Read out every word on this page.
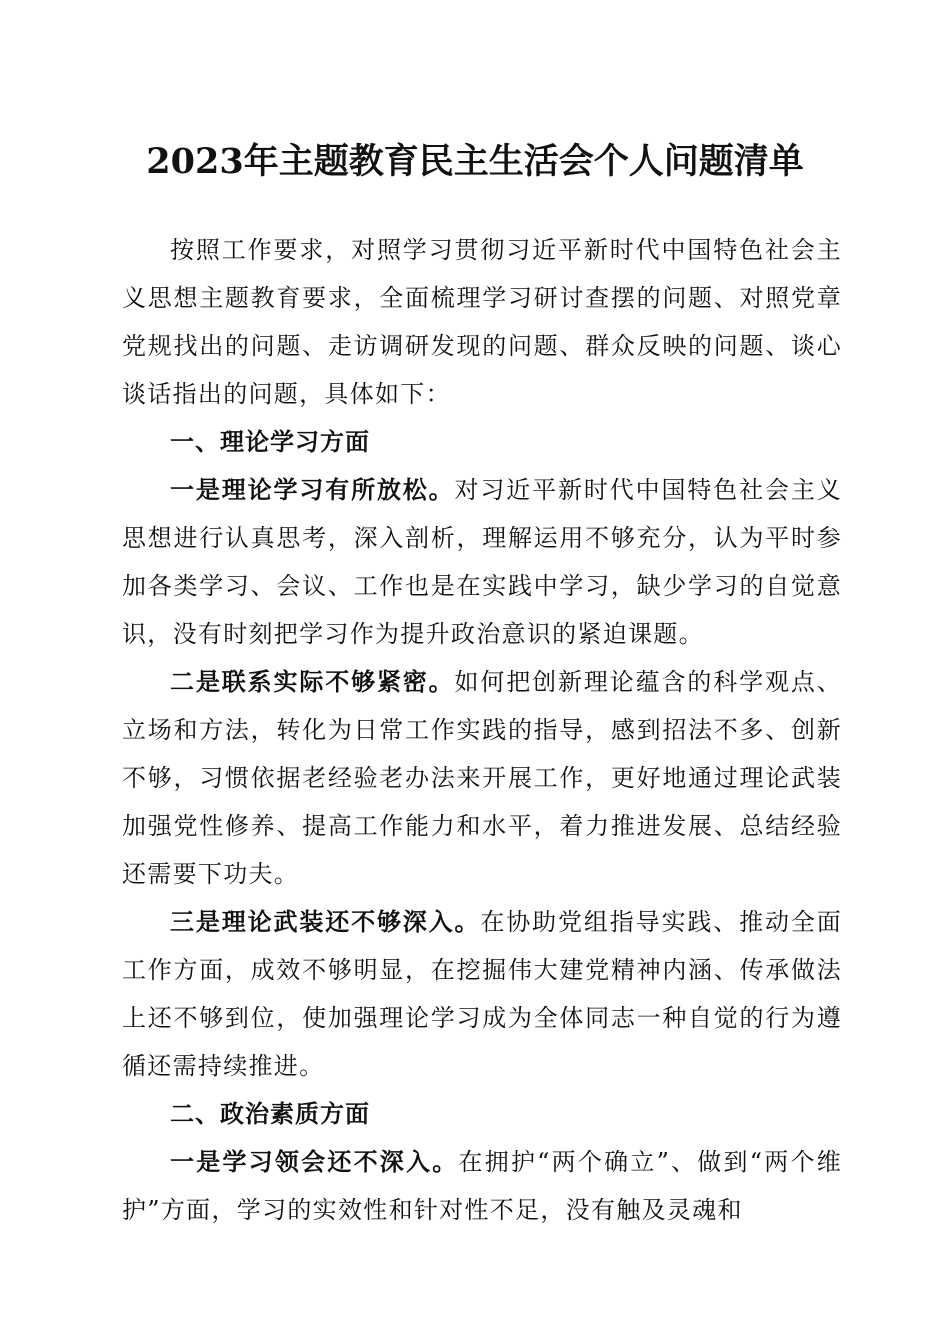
2023年主题教育民主生活会个人问题清单

按照工作要求，对照学习贯彻习近平新时代中国特色社会主义思想主题教育要求，全面梳理学习研讨查摆的问题、对照党章党规找出的问题、走访调研发现的问题、群众反映的问题、谈心谈话指出的问题，具体如下：

一、理论学习方面

一是理论学习有所放松。对习近平新时代中国特色社会主义思想进行认真思考，深入剖析，理解运用不够充分，认为平时参加各类学习、会议、工作也是在实践中学习，缺少学习的自觉意识，没有时刻把学习作为提升政治意识的紧迫课题。

二是联系实际不够紧密。如何把创新理论蕴含的科学观点、立场和方法，转化为日常工作实践的指导，感到招法不多、创新不够，习惯依据老经验老办法来开展工作，更好地通过理论武装加强党性修养、提高工作能力和水平，着力推进发展、总结经验还需要下功夫。

三是理论武装还不够深入。在协助党组指导实践、推动全面工作方面，成效不够明显，在挖掘伟大建党精神内涵、传承做法上还不够到位，使加强理论学习成为全体同志一种自觉的行为遵循还需持续推进。

二、政治素质方面

一是学习领会还不深入。在拥护“两个确立”、做到“两个维护”方面，学习的实效性和针对性不足，没有触及灵魂和
